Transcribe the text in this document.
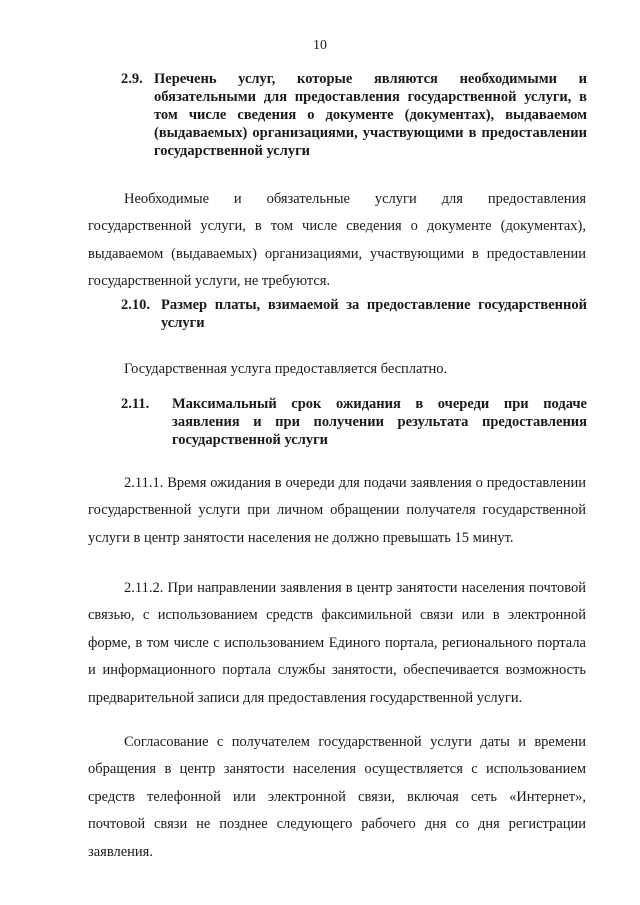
10
2.9. Перечень услуг, которые являются необходимыми и обязательными для предоставления государственной услуги, в том числе сведения о документе (документах), выдаваемом (выдаваемых) организациями, участвующими в предоставлении государственной услуги

Необходимые и обязательные услуги для предоставления государственной услуги, в том числе сведения о документе (документах), выдаваемом (выдаваемых) организациями, участвующими в предоставлении государственной услуги, не требуются.

2.10. Размер платы, взимаемой за предоставление государственной услуги

Государственная услуга предоставляется бесплатно.

2.11.	Максимальный срок ожидания в очереди при подаче заявления и при получении результата предоставления государственной услуги

2.11.1. Время ожидания в очереди для подачи заявления о предоставлении государственной услуги при личном обращении получателя государственной услуги в центр занятости населения не должно превышать 15 минут.

2.11.2. При направлении заявления в центр занятости населения почтовой связью, с использованием средств факсимильной связи или в электронной форме, в том числе с использованием Единого портала, регионального портала и информационного портала службы занятости, обеспечивается возможность предварительной записи для предоставления государственной услуги.

Согласование с получателем государственной услуги даты и времени обращения в центр занятости населения осуществляется с использованием средств телефонной или электронной связи, включая сеть «Интернет», почтовой связи не позднее следующего рабочего дня со дня регистрации заявления.
